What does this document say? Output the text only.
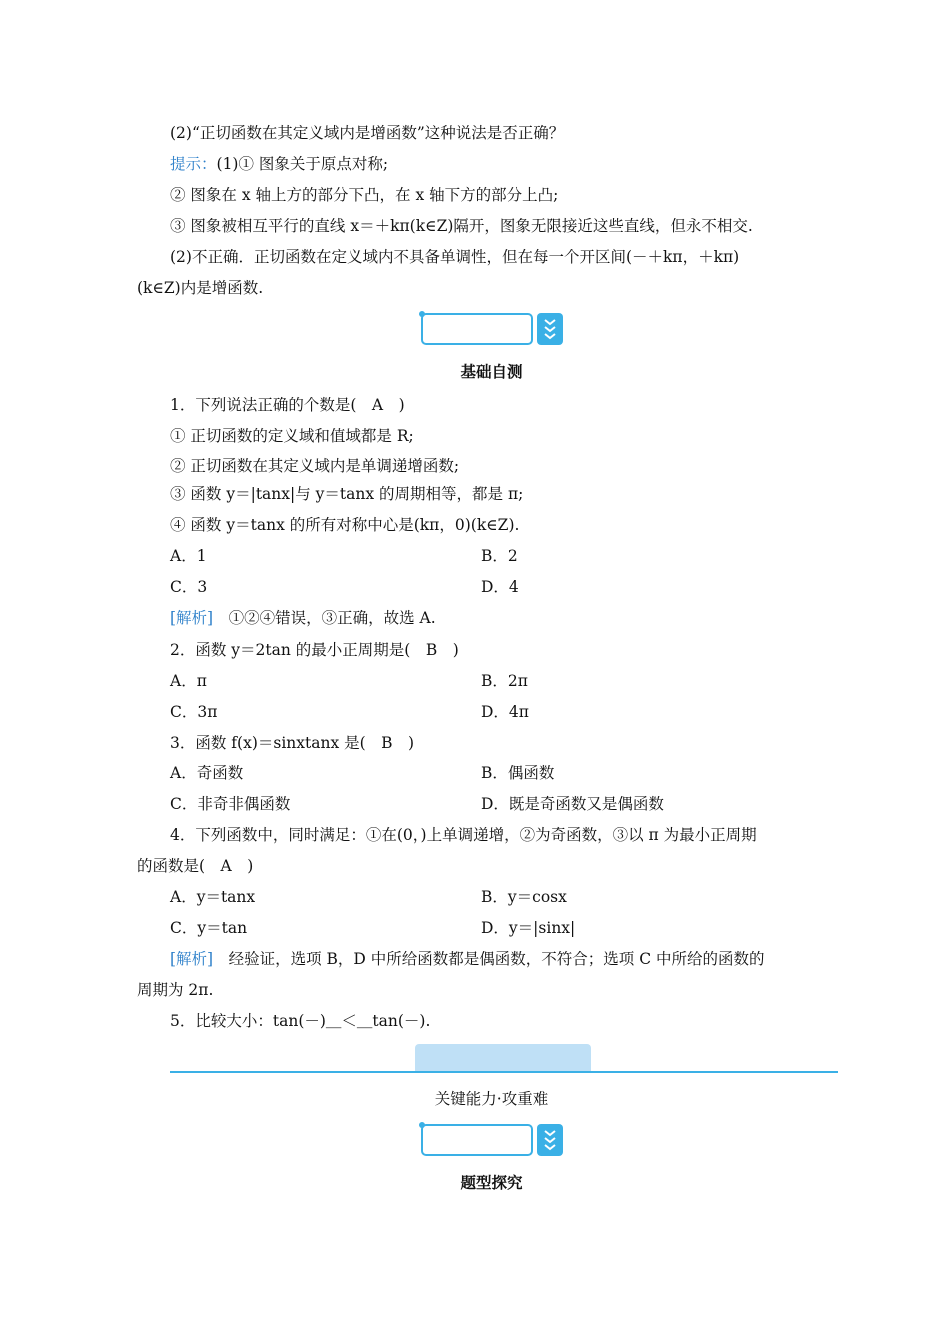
(2)“正切函数在其定义域内是增函数”这种说法是否正确？
提示：(1)① 图象关于原点对称;
② 图象在 x 轴上方的部分下凸，在 x 轴下方的部分上凸;
③ 图象被相互平行的直线 x＝＋kπ(k∈Z)隔开，图象无限接近这些直线，但永不相交.
(2)不正确．正切函数在定义域内不具备单调性，但在每一个开区间(－＋kπ，＋kπ)
(k∈Z)内是增函数.
基础自测
1．下列说法正确的个数是(　A　)
① 正切函数的定义域和值域都是 R;
② 正切函数在其定义域内是单调递增函数;
③ 函数 y＝|tanx|与 y＝tanx 的周期相等，都是 π;
④ 函数 y＝tanx 的所有对称中心是(kπ，0)(k∈Z).
A．1	B．2
C．3	D．4
[解析]　①②④错误，③正确，故选 A.
2．函数 y＝2tan 的最小正周期是(　B　)
A．π	B．2π
C．3π	D．4π
3．函数 f(x)＝sinxtanx 是(　B　)
A．奇函数	B．偶函数
C．非奇非偶函数	D．既是奇函数又是偶函数
4．下列函数中，同时满足：①在(0，)上单调递增，②为奇函数，③以 π 为最小正周期
的函数是(　A　)
A．y＝tanx	B．y＝cosx
C．y＝tan	D．y＝|sinx|
[解析]　经验证，选项 B，D 中所给函数都是偶函数，不符合；选项 C 中所给的函数的
周期为 2π.
5．比较大小：tan(－)＿＜＿tan(－).
关键能力·攻重难
题型探究
